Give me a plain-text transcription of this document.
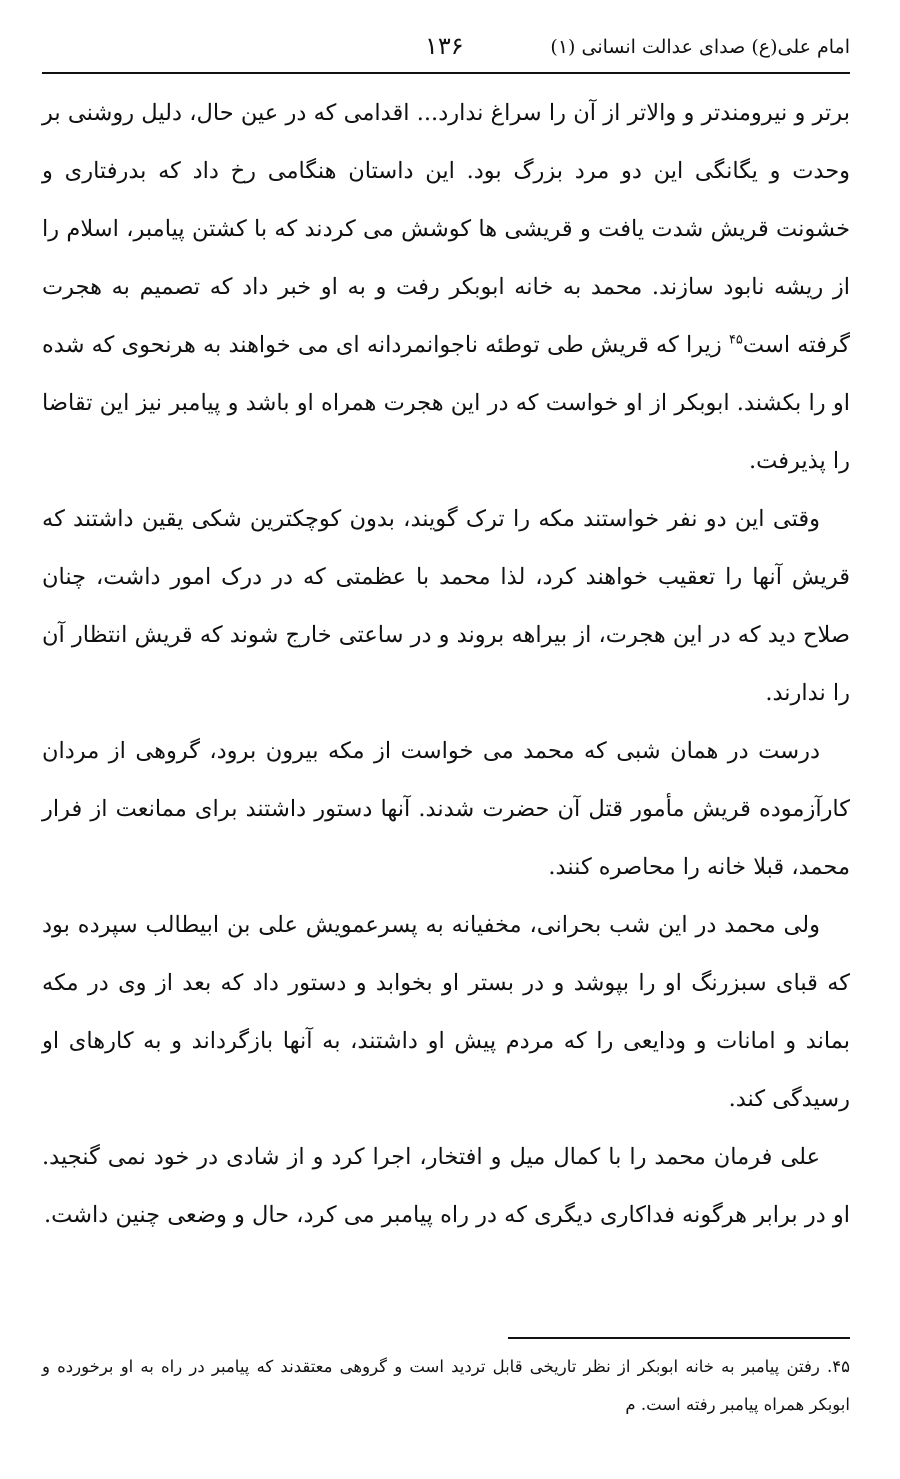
امام علی(ع) صدای عدالت انسانی (۱)
۱۳۶

برتر و نیرومندتر و والاتر از آن را سراغ ندارد... اقدامی که در عین حال، دلیل روشنی بر وحدت و یگانگی این دو مرد بزرگ بود. این داستان هنگامی رخ داد که بدرفتاری و خشونت قریش شدت یافت و قریشی ها کوشش می کردند که با کشتن پیامبر، اسلام را از ریشه نابود سازند. محمد به خانه ابوبکر رفت و به او خبر داد که تصمیم به هجرت گرفته است$^{۴۵}$ زیرا که قریش طی توطئه ناجوانمردانه ای می خواهند به هرنحوی که شده او را بکشند. ابوبکر از او خواست که در این هجرت همراه او باشد و پیامبر نیز این تقاضا را پذیرفت.

وقتی این دو نفر خواستند مکه را ترک گویند، بدون کوچکترین شکی یقین داشتند که قریش آنها را تعقیب خواهند کرد، لذا محمد با عظمتی که در درک امور داشت، چنان صلاح دید که در این هجرت، از بیراهه بروند و در ساعتی خارج شوند که قریش انتظار آن را ندارند.

درست در همان شبی که محمد می خواست از مکه بیرون برود، گروهی از مردان کارآزموده قریش مأمور قتل آن حضرت شدند. آنها دستور داشتند برای ممانعت از فرار محمد، قبلا خانه را محاصره کنند.

ولی محمد در این شب بحرانی، مخفیانه به پسرعمویش علی بن ابیطالب سپرده بود که قبای سبزرنگ او را بپوشد و در بستر او بخوابد و دستور داد که بعد از وی در مکه بماند و امانات و ودایعی را که مردم پیش او داشتند، به آنها بازگرداند و به کارهای او رسیدگی کند.

علی فرمان محمد را با کمال میل و افتخار، اجرا کرد و از شادی در خود نمی گنجید. او در برابر هرگونه فداکاری دیگری که در راه پیامبر می کرد، حال و وضعی چنین داشت.

۴۵. رفتن پیامبر به خانه ابوبکر از نظر تاریخی قابل تردید است و گروهی معتقدند که پیامبر در راه به او برخورده و ابوبکر همراه پیامبر رفته است. م
